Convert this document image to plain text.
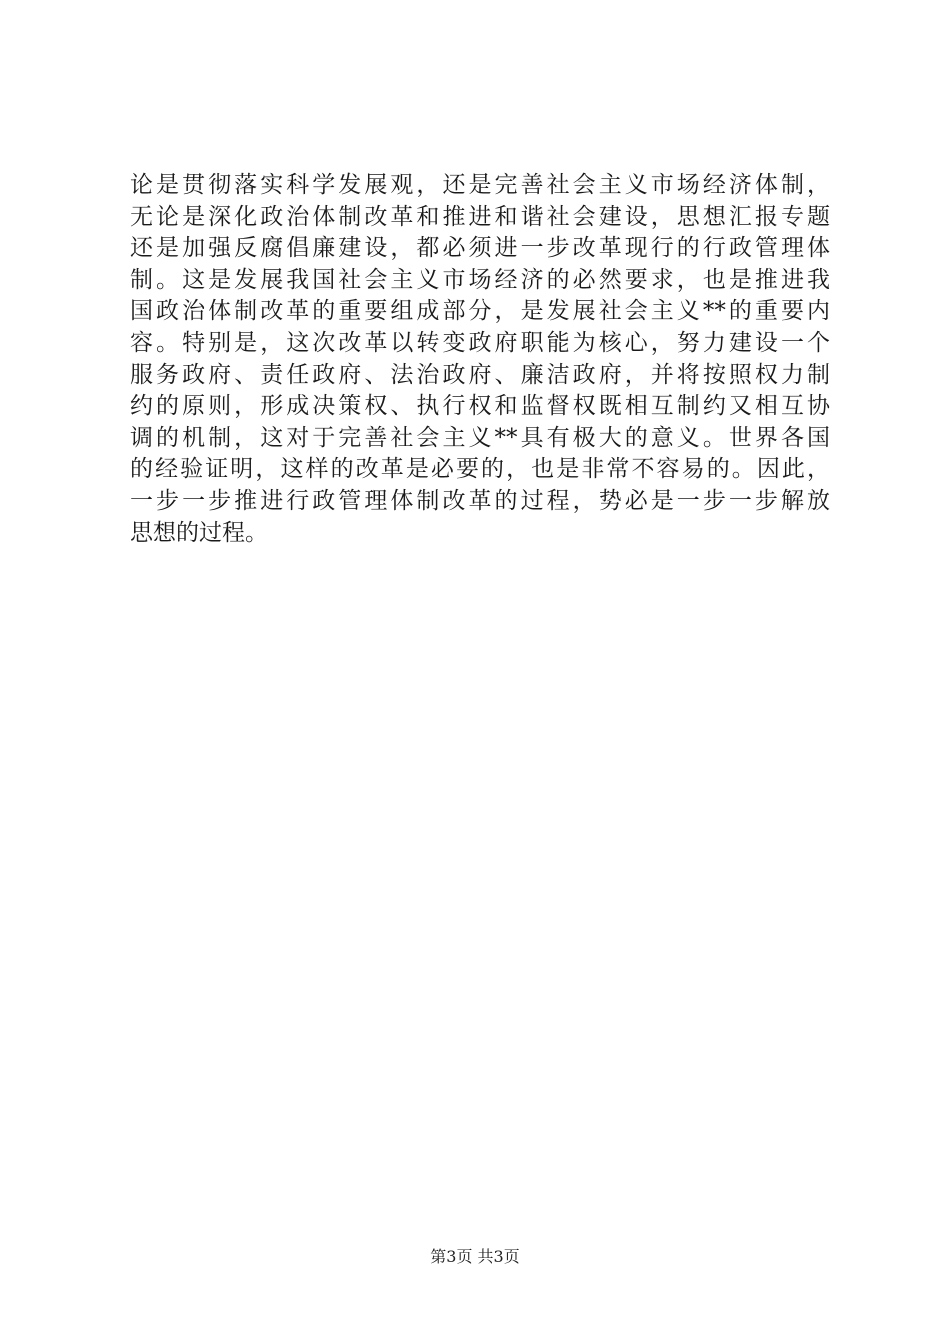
论是贯彻落实科学发展观，还是完善社会主义市场经济体制，
无论是深化政治体制改革和推进和谐社会建设，思想汇报专题
还是加强反腐倡廉建设，都必须进一步改革现行的行政管理体
制。这是发展我国社会主义市场经济的必然要求，也是推进我
国政治体制改革的重要组成部分，是发展社会主义**的重要内
容。特别是，这次改革以转变政府职能为核心，努力建设一个
服务政府、责任政府、法治政府、廉洁政府，并将按照权力制
约的原则，形成决策权、执行权和监督权既相互制约又相互协
调的机制，这对于完善社会主义**具有极大的意义。世界各国
的经验证明，这样的改革是必要的，也是非常不容易的。因此，
一步一步推进行政管理体制改革的过程，势必是一步一步解放
思想的过程。
第3页 共3页
